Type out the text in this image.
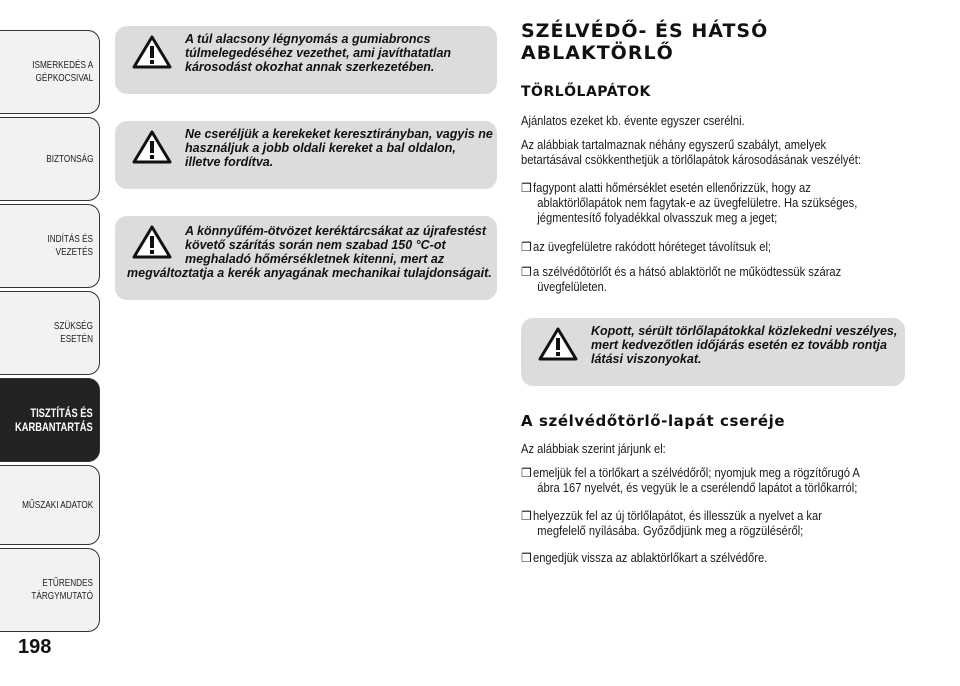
ISMERKEDÉS A
GÉPKOCSIVAL
BIZTONSÁG
INDÍTÁS ÉS VEZETÉS
SZÜKSÉG ESETÉN
TISZTÍTÁS ÉS
KARBANTARTÁS
MŰSZAKI ADATOK
ETŰRENDES
TÁRGYMUTATÓ
198
A túl alacsony légnyomás a gumiabroncs
túlmelegedéséhez vezethet, ami javíthatatlan
károsodást okozhat annak szerkezetében.
Ne cseréljük a kerekeket keresztirányban, vagyis ne
használjuk a jobb oldali kereket a bal oldalon,
illetve fordítva.
A könnyűfém-ötvözet keréktárcsákat az újrafestést
követő szárítás során nem szabad 150 °C-ot
meghaladó hőmérsékletnek kitenni, mert az
megváltoztatja a kerék anyagának mechanikai tulajdonságait.
SZÉLVÉDŐ- ÉS HÁTSÓ
ABLAKTÖRLŐ
TÖRLŐLAPÁTOK
Ajánlatos ezeket kb. évente egyszer cserélni.
Az alábbiak tartalmaznak néhány egyszerű szabályt, amelyek
betartásával csökkenthetjük a törlőlapátok károsodásának veszélyét:
❒ fagypont alatti hőmérséklet esetén ellenőrizzük, hogy az
ablaktörlőlapátok nem fagytak-e az üvegfelületre. Ha szükséges,
jégmentesítő folyadékkal olvasszuk meg a jeget;
❒ az üvegfelületre rakódott hóréteget távolítsuk el;
❒ a szélvédőtörlőt és a hátsó ablaktörlőt ne működtessük száraz
üvegfelületen.
Kopott, sérült törlőlapátokkal közlekedni veszélyes,
mert kedvezőtlen időjárás esetén ez tovább rontja
látási viszonyokat.
A szélvédőtörlő-lapát cseréje
Az alábbiak szerint járjunk el:
❒ emeljük fel a törlőkart a szélvédőről; nyomjuk meg a rögzítőrugó A
ábra 167 nyelvét, és vegyük le a cserélendő lapátot a törlőkarról;
❒ helyezzük fel az új törlőlapátot, és illesszük a nyelvet a kar
megfelelő nyílásába. Győződjünk meg a rögzüléséről;
❒ engedjük vissza az ablaktörlőkart a szélvédőre.
